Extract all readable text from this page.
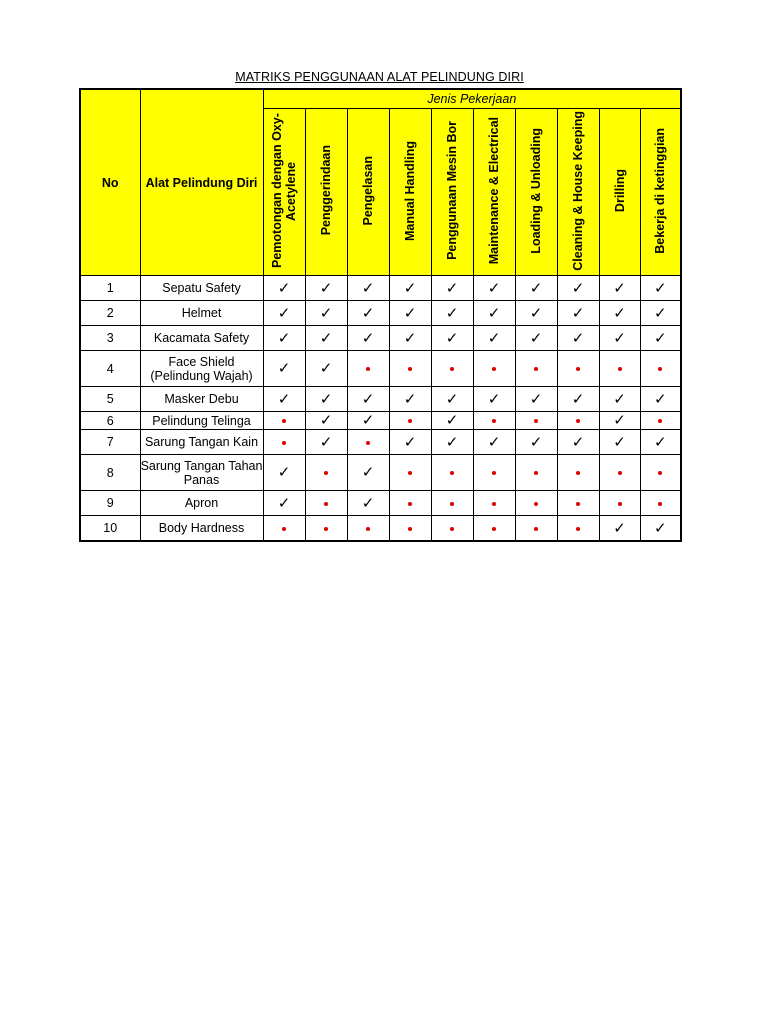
MATRIKS PENGGUNAAN ALAT PELINDUNG DIRI
No	Alat Pelindung Diri	Jenis Pekerjaan									
		Pemotongan dengan Oxy-Acetylene	Penggerindaan	Pengelasan	Manual Handling	Penggunaan Mesin Bor	Maintenance & Electrical	Loading & Unloading	Cleaning & House Keeping	Drilling	Bekerja di ketinggian
1	Sepatu Safety	✓	✓	✓	✓	✓	✓	✓	✓	✓	✓
2	Helmet	✓	✓	✓	✓	✓	✓	✓	✓	✓	✓
3	Kacamata Safety	✓	✓	✓	✓	✓	✓	✓	✓	✓	✓
4	Face Shield (Pelindung Wajah)	✓	✓								
5	Masker Debu	✓	✓	✓	✓	✓	✓	✓	✓	✓	✓
6	Pelindung Telinga		✓	✓		✓				✓	
7	Sarung Tangan Kain		✓		✓	✓	✓	✓	✓	✓	✓
8	Sarung Tangan Tahan Panas	✓		✓							
9	Apron	✓		✓							
10	Body Hardness									✓	✓
